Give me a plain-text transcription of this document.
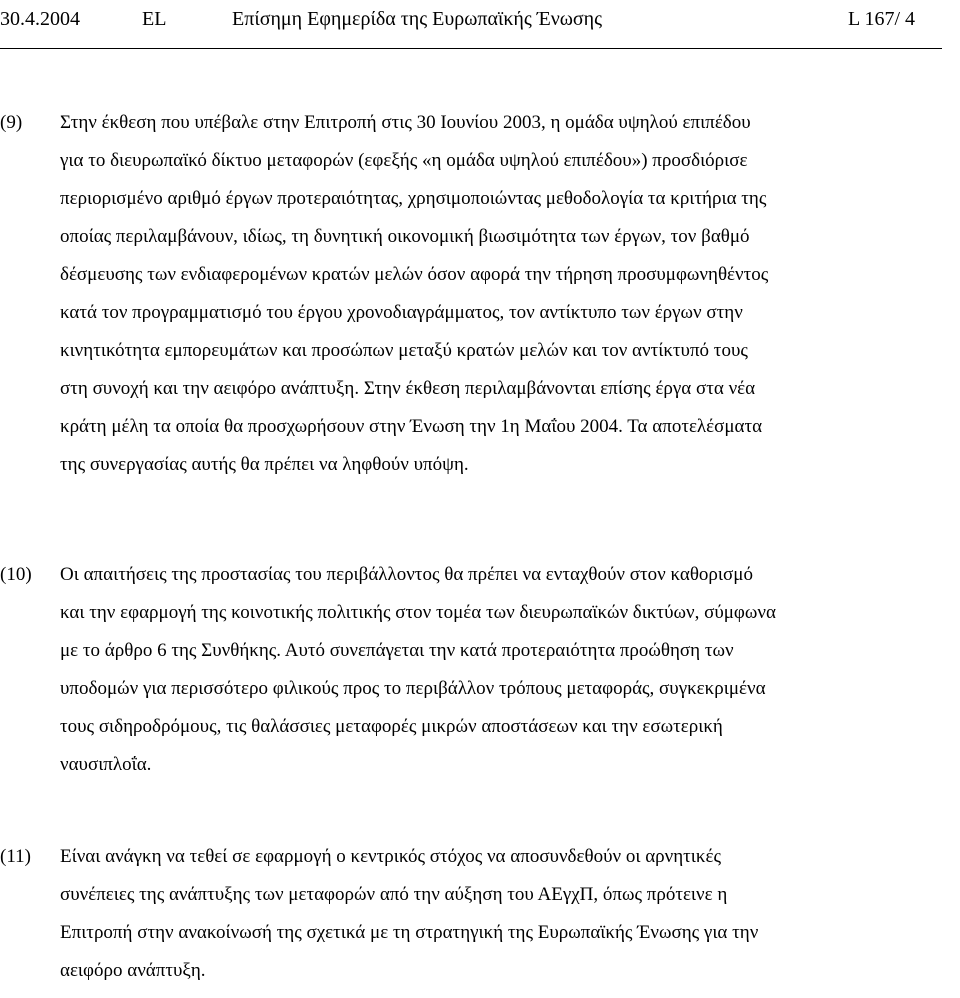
30.4.2004	EL	Επίσημη Εφημερίδα της Ευρωπαϊκής Ένωσης	L 167/ 4
(9) Στην έκθεση που υπέβαλε στην Επιτροπή στις 30 Ιουνίου 2003, η ομάδα υψηλού επιπέδου
για το διευρωπαϊκό δίκτυο μεταφορών (εφεξής «η ομάδα υψηλού επιπέδου») προσδιόρισε
περιορισμένο αριθμό έργων προτεραιότητας, χρησιμοποιώντας μεθοδολογία τα κριτήρια της
οποίας περιλαμβάνουν, ιδίως, τη δυνητική οικονομική βιωσιμότητα των έργων, τον βαθμό
δέσμευσης των ενδιαφερομένων κρατών μελών όσον αφορά την τήρηση προσυμφωνηθέντος
κατά τον προγραμματισμό του έργου χρονοδιαγράμματος, τον αντίκτυπο των έργων στην
κινητικότητα εμπορευμάτων και προσώπων μεταξύ κρατών μελών και τον αντίκτυπό τους
στη συνοχή και την αειφόρο ανάπτυξη. Στην έκθεση περιλαμβάνονται επίσης έργα στα νέα
κράτη μέλη τα οποία θα προσχωρήσουν στην Ένωση την 1η Μαΐου 2004. Τα αποτελέσματα
της συνεργασίας αυτής θα πρέπει να ληφθούν υπόψη.
(10) Οι απαιτήσεις της προστασίας του περιβάλλοντος θα πρέπει να ενταχθούν στον καθορισμό
και την εφαρμογή της κοινοτικής πολιτικής στον τομέα των διευρωπαϊκών δικτύων, σύμφωνα
με το άρθρο 6 της Συνθήκης. Αυτό συνεπάγεται την κατά προτεραιότητα προώθηση των
υποδομών για περισσότερο φιλικούς προς το περιβάλλον τρόπους μεταφοράς, συγκεκριμένα
τους σιδηροδρόμους, τις θαλάσσιες μεταφορές μικρών αποστάσεων και την εσωτερική
ναυσιπλοΐα.
(11) Είναι ανάγκη να τεθεί σε εφαρμογή ο κεντρικός στόχος να αποσυνδεθούν οι αρνητικές
συνέπειες της ανάπτυξης των μεταφορών από την αύξηση του ΑΕγχΠ, όπως πρότεινε η
Επιτροπή στην ανακοίνωσή της σχετικά με τη στρατηγική της Ευρωπαϊκής Ένωσης για την
αειφόρο ανάπτυξη.
